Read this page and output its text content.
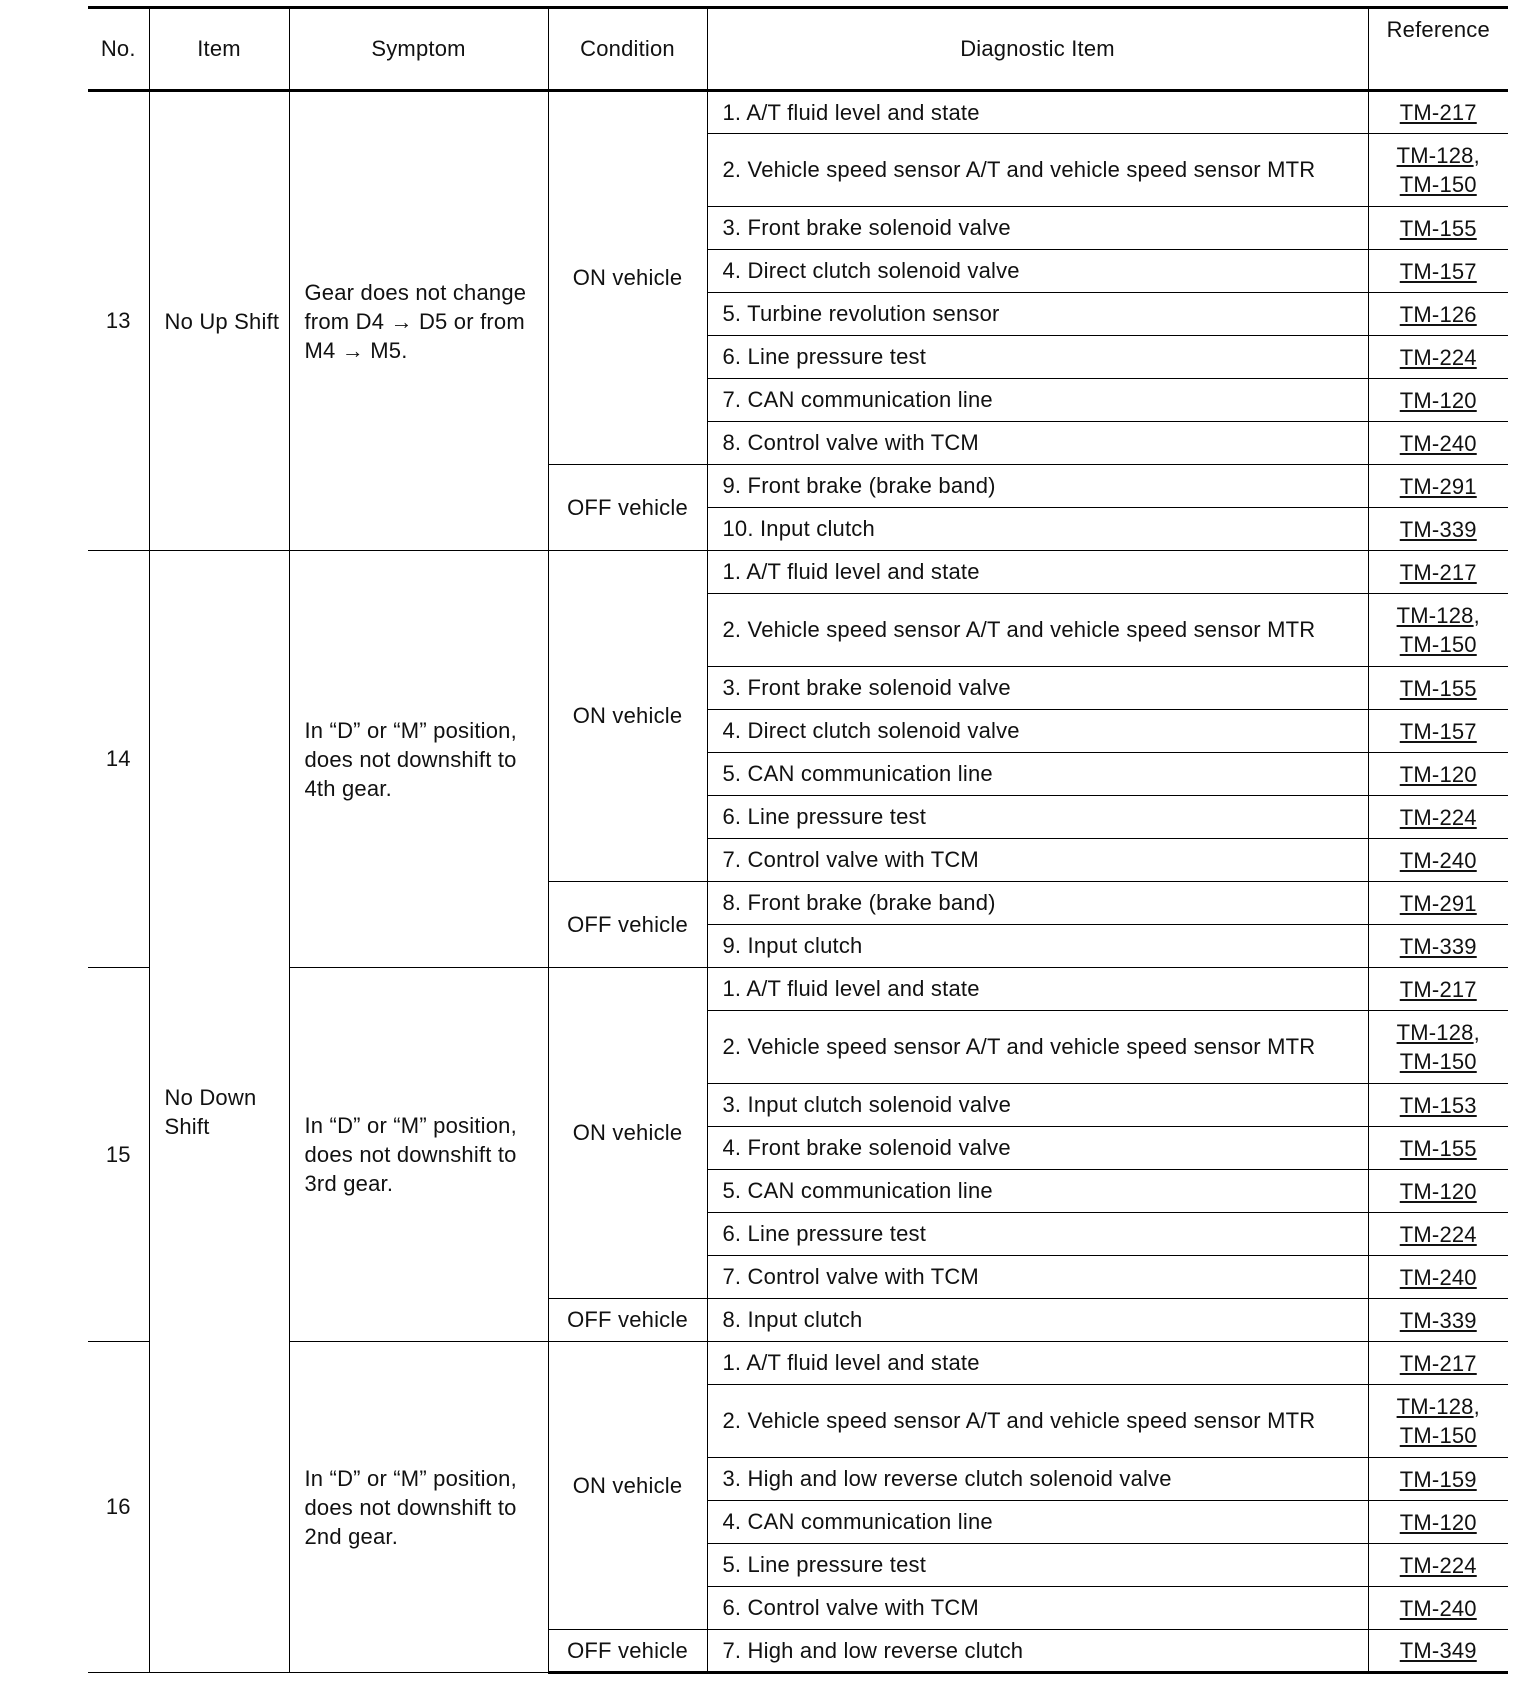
No.	Item	Symptom	Condition	Diagnostic Item	Reference
13	No Up Shift	Gear does not change from D4 → D5 or from M4 → M5.	ON vehicle	1. A/T fluid level and state	TM-217

				2. Vehicle speed sensor A/T and vehicle speed sensor MTR	TM-128,
TM-150

				3. Front brake solenoid valve	TM-155

				4. Direct clutch solenoid valve	TM-157

				5. Turbine revolution sensor	TM-126

				6. Line pressure test	TM-224

				7. CAN communication line	TM-120

				8. Control valve with TCM	TM-240

			OFF vehicle	9. Front brake (brake band)	TM-291

				10. Input clutch	TM-339

14	No Down Shift	In “D” or “M” position, does not downshift to 4th gear.	ON vehicle	1. A/T fluid level and state	TM-217

				2. Vehicle speed sensor A/T and vehicle speed sensor MTR	TM-128,
TM-150

				3. Front brake solenoid valve	TM-155

				4. Direct clutch solenoid valve	TM-157

				5. CAN communication line	TM-120

				6. Line pressure test	TM-224

				7. Control valve with TCM	TM-240

			OFF vehicle	8. Front brake (brake band)	TM-291

				9. Input clutch	TM-339

15		In “D” or “M” position, does not downshift to 3rd gear.	ON vehicle	1. A/T fluid level and state	TM-217

				2. Vehicle speed sensor A/T and vehicle speed sensor MTR	TM-128,
TM-150

				3. Input clutch solenoid valve	TM-153

				4. Front brake solenoid valve	TM-155

				5. CAN communication line	TM-120

				6. Line pressure test	TM-224

				7. Control valve with TCM	TM-240

			OFF vehicle	8. Input clutch	TM-339

16		In “D” or “M” position, does not downshift to 2nd gear.	ON vehicle	1. A/T fluid level and state	TM-217

				2. Vehicle speed sensor A/T and vehicle speed sensor MTR	TM-128,
TM-150

				3. High and low reverse clutch solenoid valve	TM-159

				4. CAN communication line	TM-120

				5. Line pressure test	TM-224

				6. Control valve with TCM	TM-240

			OFF vehicle	7. High and low reverse clutch	TM-349
